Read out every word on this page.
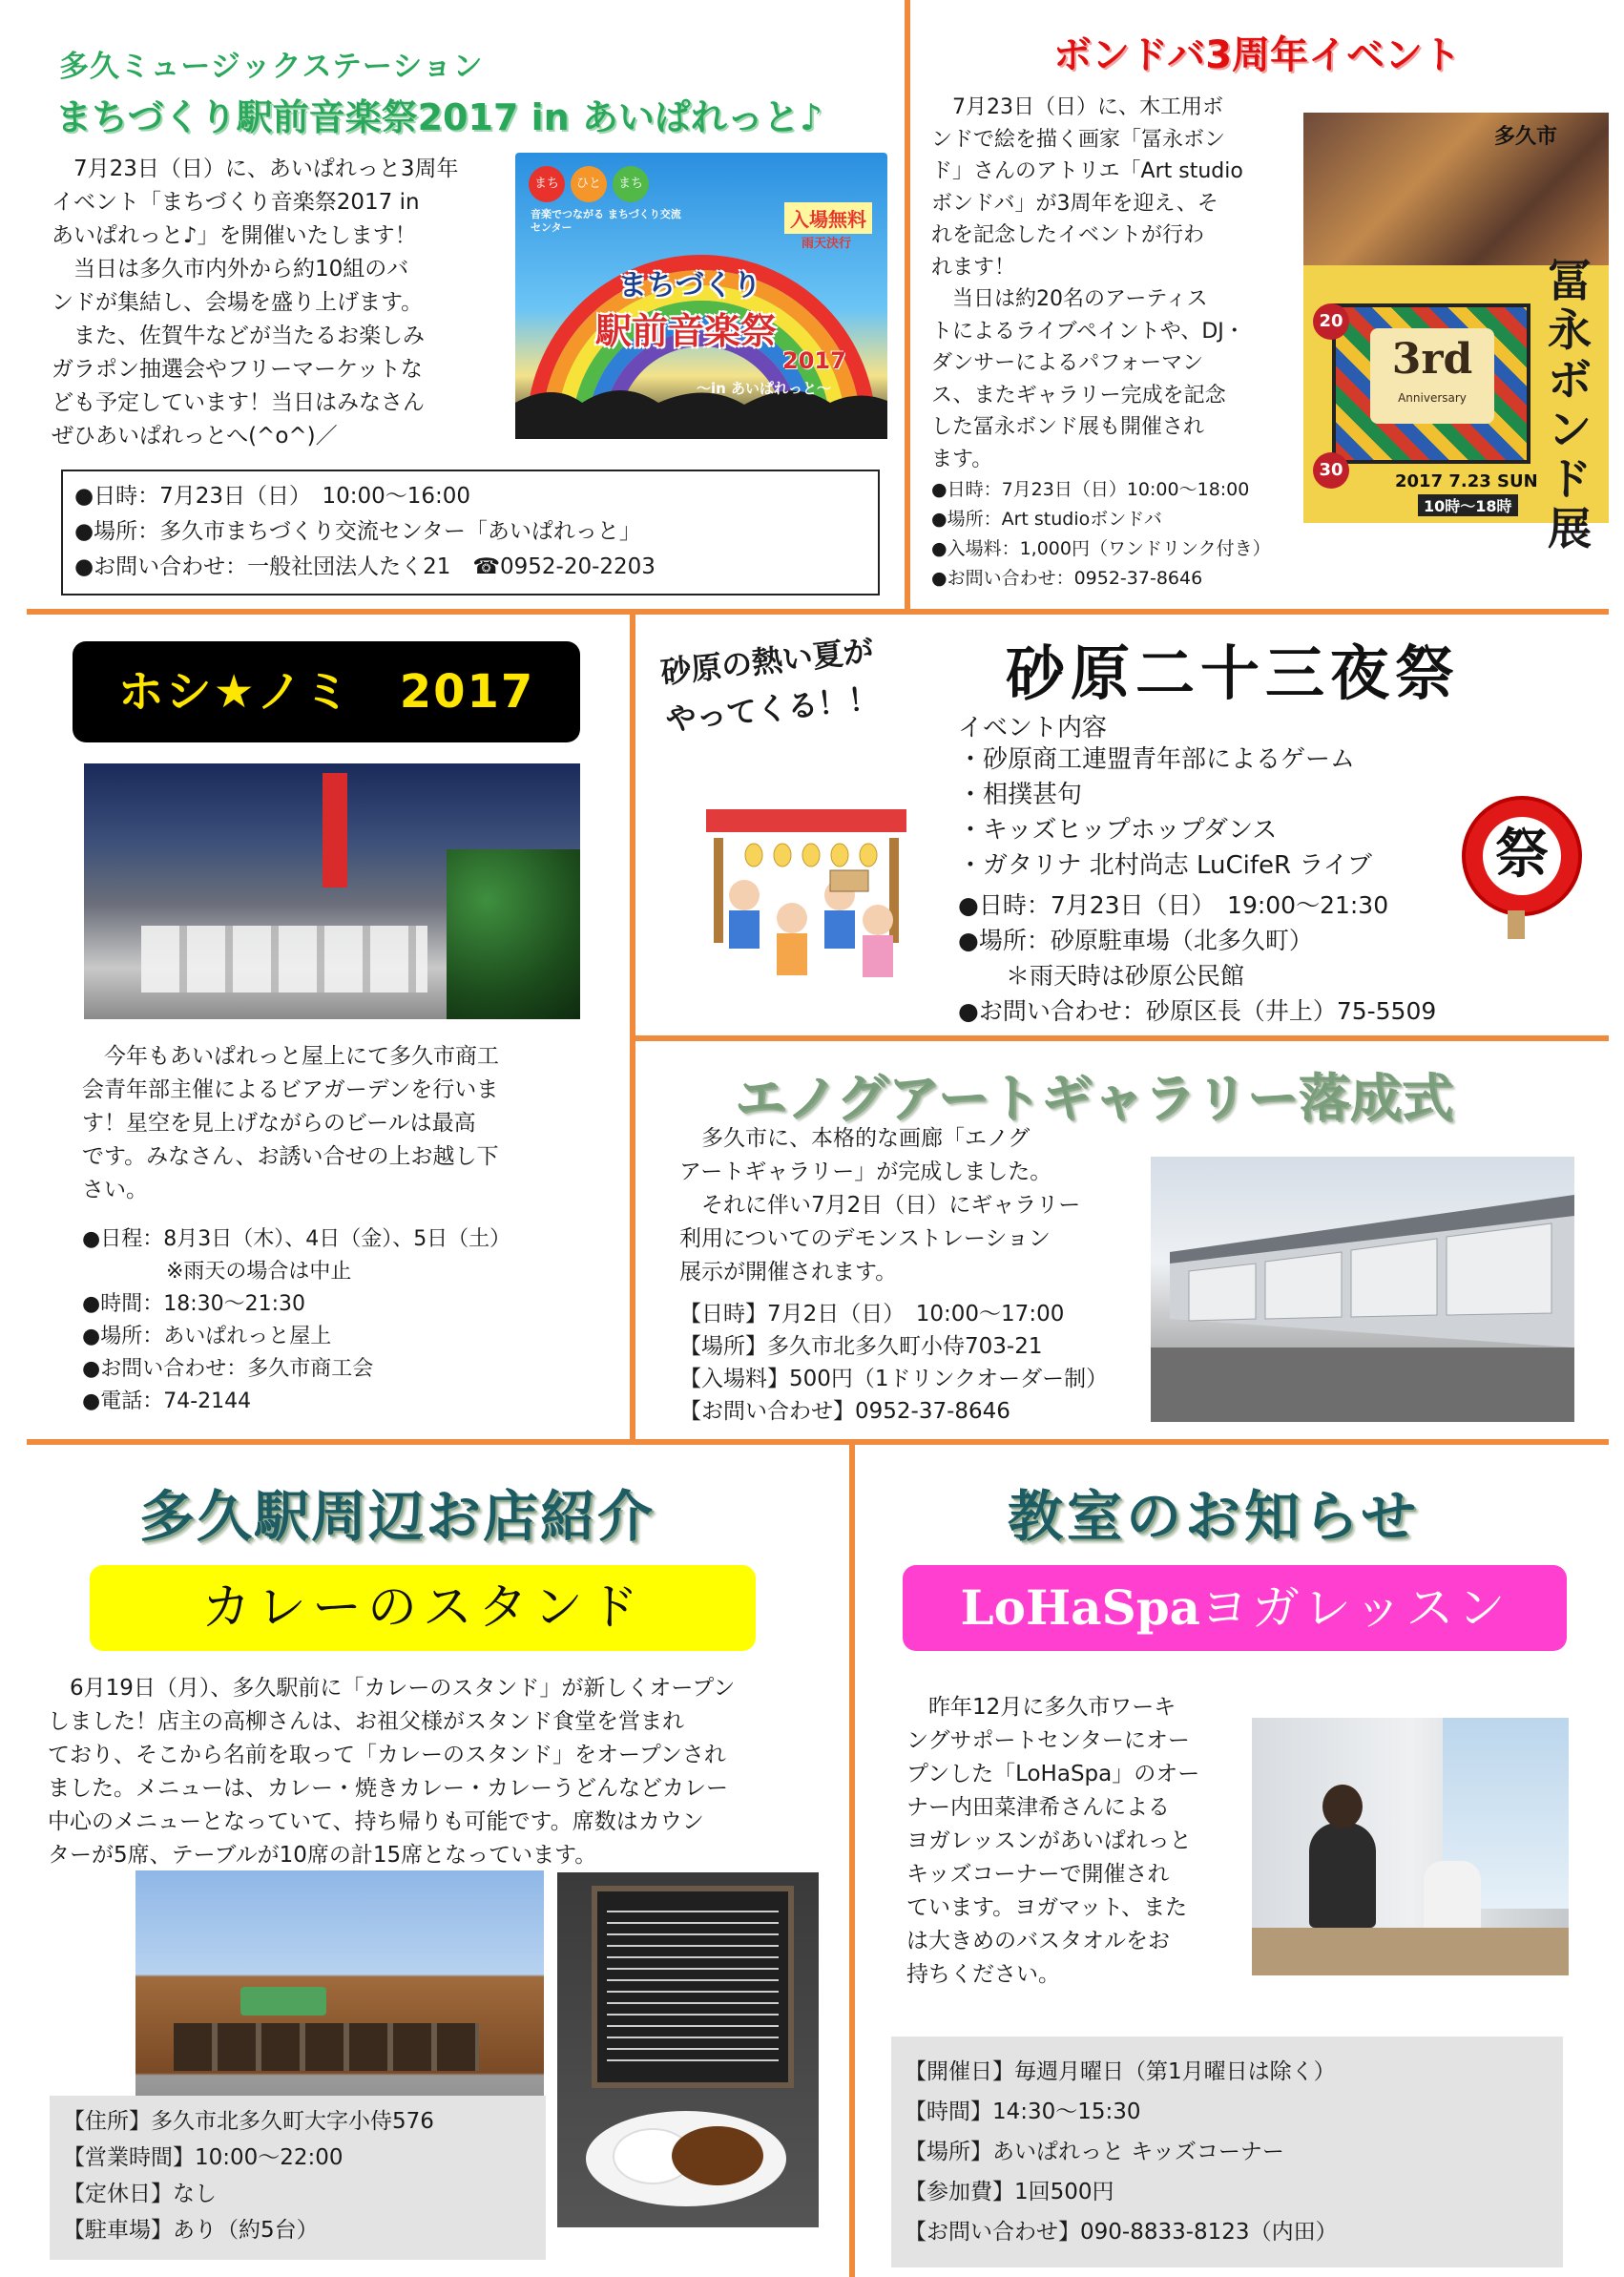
多久ミュージックステーション
まちづくり駅前音楽祭2017 in あいぱれっと♪

　7月23日（日）に、あいぱれっと3周年
イベント「まちづくり音楽祭2017 in
あいぱれっと♪」を開催いたします！
　当日は多久市内外から約10組のバ
ンドが集結し、会場を盛り上げます。
　また、佐賀牛などが当たるお楽しみ
ガラポン抽選会やフリーマーケットな
ども予定しています！当日はみなさん
ぜひあいぱれっとへ(^o^)／

まち	ひと	まち
音楽でつながる まちづくり交流 センター	入場無料
雨天決行
まちづくり
駅前音楽祭
2017
～in あいぱれっと～

●日時：7月23日（日）　10:00～16:00

●場所：多久市まちづくり交流センター「あいぱれっと」

●お問い合わせ：一般社団法人たく21　☎0952-20-2203

ボンドバ3周年イベント

　7月23日（日）に、木工用ボ
ンドで絵を描く画家「冨永ボン
ド」さんのアトリエ「Art studio
ボンドバ」が3周年を迎え、そ
れを記念したイベントが行わ
れます！
　当日は約20名のアーティス
トによるライブペイントや、DJ・
ダンサーによるパフォーマン
ス、またギャラリー完成を記念
した冨永ボンド展も開催され
ます。

●日時：7月23日（日）10:00～18:00

●場所：Art studioボンドバ

●入場料：1,000円（ワンドリンク付き）

●お問い合わせ：0952-37-8646

多久市
3rd
Anniversary
20
30
冨永ボンド展
2017 7.23 SUN
10時～18時
ホシ★ノミ　2017

　今年もあいぱれっと屋上にて多久市商工
会青年部主催によるビアガーデンを行いま
す！星空を見上げながらのビールは最高
です。みなさん、お誘い合せの上お越し下
さい。

●日程：8月3日（木）、4日（金）、5日（土）

　　　　※雨天の場合は中止

●時間：18:30～21:30

●場所：あいぱれっと屋上

●お問い合わせ：多久市商工会

●電話：74-2144

砂原の熱い夏が
やってくる！！
砂原二十三夜祭
イベント内容

・砂原商工連盟青年部によるゲーム

・相撲甚句

・キッズヒップホップダンス

・ガタリナ 北村尚志 LuCifeR ライブ

●日時：7月23日（日）　19:00～21:30

●場所：砂原駐車場（北多久町）

　　＊雨天時は砂原公民館

●お問い合わせ：砂原区長（井上）75-5509

祭
エノグアートギャラリー落成式

　多久市に、本格的な画廊「エノグ
アートギャラリー」が完成しました。
　それに伴い7月2日（日）にギャラリー
利用についてのデモンストレーション
展示が開催されます。

【日時】7月2日（日）　10:00～17:00

【場所】多久市北多久町小侍703-21

【入場料】500円（1ドリンクオーダー制）

【お問い合わせ】0952-37-8646

多久駅周辺お店紹介
カレーのスタンド

　6月19日（月）、多久駅前に「カレーのスタンド」が新しくオープン
しました！店主の高柳さんは、お祖父様がスタンド食堂を営まれ
ており、そこから名前を取って「カレーのスタンド」をオープンされ
ました。メニューは、カレー・焼きカレー・カレーうどんなどカレー
中心のメニューとなっていて、持ち帰りも可能です。席数はカウン
ターが5席、テーブルが10席の計15席となっています。

【住所】多久市北多久町大字小侍576

【営業時間】10:00～22:00

【定休日】なし

【駐車場】あり（約5台）

教室のお知らせ
LoHaSpaヨガレッスン

　昨年12月に多久市ワーキ
ングサポートセンターにオー
プンした「LoHaSpa」のオー
ナー内田菜津希さんによる
ヨガレッスンがあいぱれっと
キッズコーナーで開催され
ています。ヨガマット、また
は大きめのバスタオルをお
持ちください。

【開催日】毎週月曜日（第1月曜日は除く）

【時間】14:30～15:30

【場所】あいぱれっと キッズコーナー

【参加費】1回500円

【お問い合わせ】090-8833-8123（内田）
